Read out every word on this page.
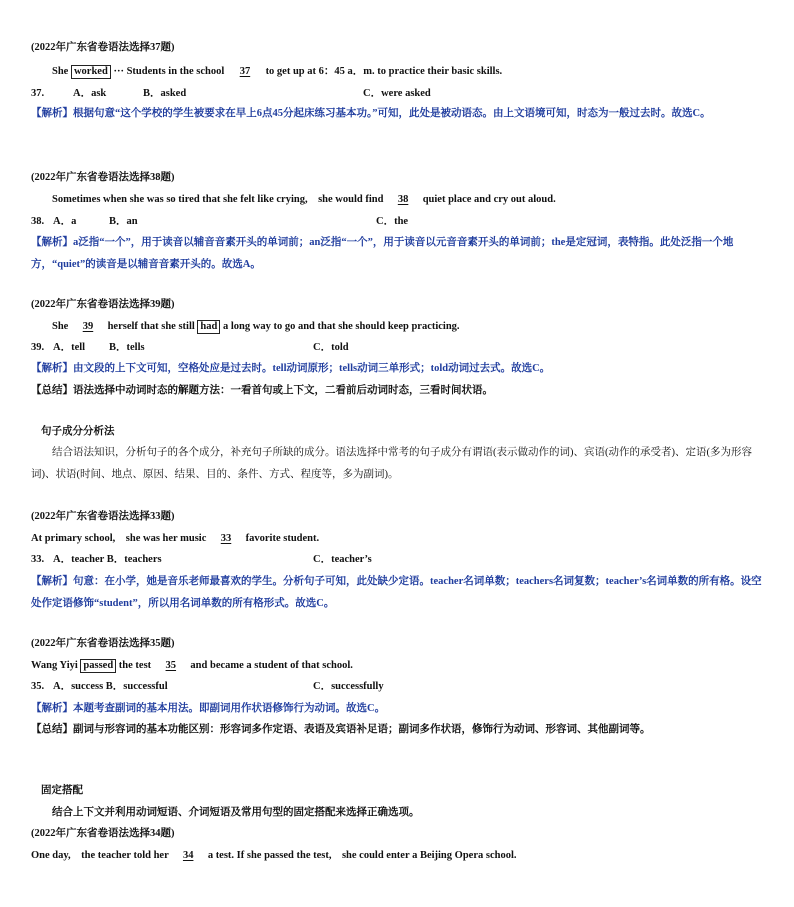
(2022年广东省卷语法选择37题)
She worked ··· Students in the school 37 to get up at 6：45 a．m. to practice their basic skills.
37.	A．ask	B．asked	C．were asked
【解析】根据句意“这个学校的学生被要求在早上6点45分起床练习基本功。”可知，此处是被动语态。由上文语境可知，时态为一般过去时。故选C。
(2022年广东省卷语法选择38题)
Sometimes when she was so tired that she felt like crying,　she would find 38 quiet place and cry out aloud.
38. A．a	B．an	C．the
【解析】a泛指“一个”，用于读音以辅音音素开头的单词前；an泛指“一个”，用于读音以元音音素开头的单词前；the是定冠词，表特指。此处泛指一个地方，“quiet”的读音是以辅音音素开头的。故选A。
(2022年广东省卷语法选择39题)
She 39 herself that she still had a long way to go and that she should keep practicing.
39. A．tell B．tells	C．told
【解析】由文段的上下文可知，空格处应是过去时。tell动词原形；tells动词三单形式；told动词过去式。故选C。
【总结】语法选择中动词时态的解题方法：一看首句或上下文，二看前后动词时态，三看时间状语。
句子成分分析法
结合语法知识，分析句子的各个成分，补充句子所缺的成分。语法选择中常考的句子成分有谓语(表示做动作的词)、宾语(动作的承受者)、定语(多为形容词)、状语(时间、地点、原因、结果、目的、条件、方式、程度等，多为副词)。
(2022年广东省卷语法选择33题)
At primary school,　she was her music 33 favorite student.
33. A．teacher B．teachers	C．teacher’s
【解析】句意：在小学，她是音乐老师最喜欢的学生。分析句子可知，此处缺少定语。teacher名词单数；teachers名词复数；teacher’s名词单数的所有格。设空处作定语修饰“student”，所以用名词单数的所有格形式。故选C。
(2022年广东省卷语法选择35题)
Wang Yiyi passed the test 35 and became a student of that school.
35. A．success B．successful	C．successfully
【解析】本题考查副词的基本用法。即副词用作状语修饰行为动词。故选C。
【总结】副词与形容词的基本功能区别：形容词多作定语、表语及宾语补足语；副词多作状语，修饰行为动词、形容词、其他副词等。
固定搭配
结合上下文并利用动词短语、介词短语及常用句型的固定搭配来选择正确选项。
(2022年广东省卷语法选择34题)
One day,　the teacher told her 34 a test. If she passed the test,　she could enter a Beijing Opera school.
